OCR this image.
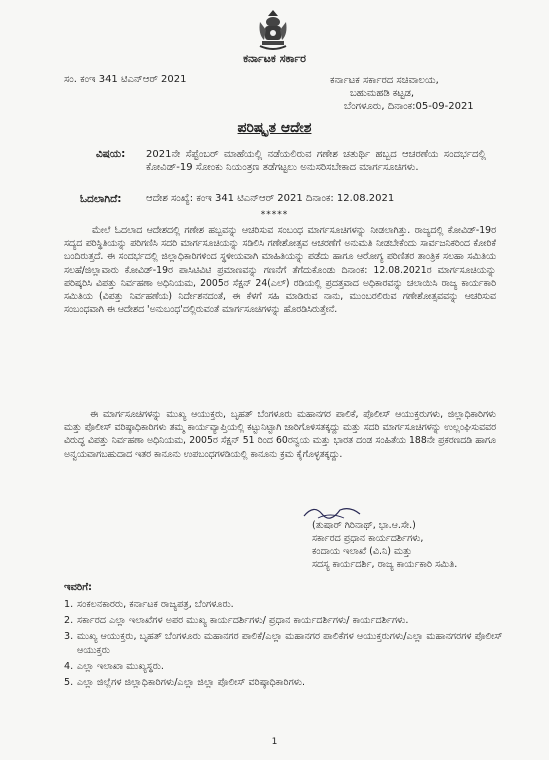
ಕರ್ನಾಟಕ ಸರ್ಕಾರ
ಸಂ. ಕಂಇ 341 ಟಿಎನ್‌ಆರ್ 2021	ಕರ್ನಾಟಕ ಸರ್ಕಾರದ ಸಚಿವಾಲಯ,
ಬಹುಮಹಡಿ ಕಟ್ಟಡ,
ಬೆಂಗಳೂರು, ದಿನಾಂಕ:05-09-2021
ಪರಿಷ್ಕೃತ ಆದೇಶ
ವಿಷಯ: 2021ನೇ ಸೆಪ್ಟೆಂಬರ್ ಮಾಹೆಯಲ್ಲಿ ನಡೆಯಲಿರುವ ಗಣೇಶ ಚತುರ್ಥಿ ಹಬ್ಬದ ಆಚರಣೆಯ ಸಂದರ್ಭದಲ್ಲಿ ಕೋವಿಡ್-19 ಸೋಂಕು ನಿಯಂತ್ರಣ ತಡೆಗಟ್ಟಲು ಅನುಸರಿಸಬೇಕಾದ ಮಾರ್ಗಸೂಚಿಗಳು.
ಓದಲಾಗಿದೆ: ಆದೇಶ ಸಂಖ್ಯೆ: ಕಂಇ 341 ಟಿಎನ್‌ಆರ್ 2021 ದಿನಾಂಕ: 12.08.2021
*****
ಮೇಲೆ ಓದಲಾದ ಆದೇಶದಲ್ಲಿ ಗಣೇಶ ಹಬ್ಬವನ್ನು ಆಚರಿಸುವ ಸಂಬಂಧ ಮಾರ್ಗಸೂಚಿಗಳನ್ನು ನೀಡಲಾಗಿತ್ತು. ರಾಜ್ಯದಲ್ಲಿ ಕೋವಿಡ್-19ರ ಸದ್ಯದ ಪರಿಸ್ಥಿತಿಯನ್ನು ಪರಿಗಣಿಸಿ ಸದರಿ ಮಾರ್ಗಸೂಚಿಯನ್ನು ಸಡಿಲಿಸಿ ಗಣೇಶೋತ್ಸವ ಆಚರಣೆಗೆ ಅನುಮತಿ ನೀಡಬೇಕೆಂದು ಸಾರ್ವಜನಿಕರಿಂದ ಕೋರಿಕೆ ಬಂದಿರುತ್ತದೆ. ಈ ಸಂದರ್ಭದಲ್ಲಿ ಜಿಲ್ಲಾಧಿಕಾರಿಗಳಿಂದ ಸ್ಥಳೀಯವಾಗಿ ಮಾಹಿತಿಯನ್ನು ಪಡೆದು ಹಾಗೂ ಆರೋಗ್ಯ ಪರಿಣಿತರ ತಾಂತ್ರಿಕ ಸಲಹಾ ಸಮಿತಿಯ ಸಲಹೆ/ಜಿಲ್ಲಾವಾರು ಕೋವಿಡ್-19ರ ಪಾಸಿಟಿವಿಟಿ ಪ್ರಮಾಣವನ್ನು ಗಣನೆಗೆ ತೆಗೆದುಕೊಂಡು ದಿನಾಂಕ: 12.08.2021ರ ಮಾರ್ಗಸೂಚಿಯನ್ನು ಪರಿಷ್ಕರಿಸಿ ವಿಪತ್ತು ನಿರ್ವಹಣಾ ಅಧಿನಿಯಮ, 2005ರ ಸೆಕ್ಷನ್ 24(ಎಲ್) ರಡಿಯಲ್ಲಿ ಪ್ರದತ್ತವಾದ ಅಧಿಕಾರವನ್ನು ಚಲಾಯಿಸಿ ರಾಜ್ಯ ಕಾರ್ಯಕಾರಿ ಸಮಿತಿಯ (ವಿಪತ್ತು ನಿರ್ವಹಣೆಯ) ನಿರ್ದೇಶನದಂತೆ, ಈ ಕೆಳಗೆ ಸಹಿ ಮಾಡಿರುವ ನಾನು, ಮುಂಬರಲಿರುವ ಗಣೇಶೋತ್ಸವವನ್ನು ಆಚರಿಸುವ ಸಂಬಂಧವಾಗಿ ಈ ಆದೇಶದ 'ಅನುಬಂಧ'ದಲ್ಲಿರುವಂತೆ ಮಾರ್ಗಸೂಚಿಗಳನ್ನು ಹೊರಡಿಸಿರುತ್ತೇನೆ.
ಈ ಮಾರ್ಗಸೂಚಿಗಳನ್ನು ಮುಖ್ಯ ಆಯುಕ್ತರು, ಬೃಹತ್ ಬೆಂಗಳೂರು ಮಹಾನಗರ ಪಾಲಿಕೆ, ಪೊಲೀಸ್ ಆಯುಕ್ತರುಗಳು, ಜಿಲ್ಲಾಧಿಕಾರಿಗಳು ಮತ್ತು ಪೊಲೀಸ್ ವರಿಷ್ಠಾಧಿಕಾರಿಗಳು ತಮ್ಮ ಕಾರ್ಯವ್ಯಾಪ್ತಿಯಲ್ಲಿ ಕಟ್ಟುನಿಟ್ಟಾಗಿ ಜಾರಿಗೊಳಿಸತಕ್ಕದ್ದು ಮತ್ತು ಸದರಿ ಮಾರ್ಗಸೂಚಿಗಳನ್ನು ಉಲ್ಲಂಘಿಸುವವರ ವಿರುದ್ಧ ವಿಪತ್ತು ನಿರ್ವಹಣಾ ಅಧಿನಿಯಮ, 2005ರ ಸೆಕ್ಷನ್ 51 ರಿಂದ 60ರನ್ವಯ ಮತ್ತು ಭಾರತ ದಂಡ ಸಂಹಿತೆಯ 188ನೇ ಪ್ರಕರಣದಡಿ ಹಾಗೂ ಅನ್ವಯವಾಗಬಹುದಾದ ಇತರ ಕಾನೂನು ಉಪಬಂಧಗಳಡಿಯಲ್ಲಿ ಕಾನೂನು ಕ್ರಮ ಕೈಗೊಳ್ಳತಕ್ಕದ್ದು.
(ತುಷಾರ್ ಗಿರಿನಾಥ್, ಭಾ.ಆ.ಸೇ.)
ಸರ್ಕಾರದ ಪ್ರಧಾನ ಕಾರ್ಯದರ್ಶಿಗಳು,
ಕಂದಾಯ ಇಲಾಖೆ (ವಿ.ನಿ) ಮತ್ತು
ಸದಸ್ಯ ಕಾರ್ಯದರ್ಶಿ, ರಾಜ್ಯ ಕಾರ್ಯಕಾರಿ ಸಮಿತಿ.
ಇವರಿಗೆ:
1. ಸಂಕಲನಕಾರರು, ಕರ್ನಾಟಕ ರಾಜ್ಯಪತ್ರ, ಬೆಂಗಳೂರು.
2. ಸರ್ಕಾರದ ಎಲ್ಲಾ ಇಲಾಖೆಗಳ ಅಪರ ಮುಖ್ಯ ಕಾರ್ಯದರ್ಶಿಗಳು/ ಪ್ರಧಾನ ಕಾರ್ಯದರ್ಶಿಗಳು/ ಕಾರ್ಯದರ್ಶಿಗಳು.
3. ಮುಖ್ಯ ಆಯುಕ್ತರು, ಬೃಹತ್ ಬೆಂಗಳೂರು ಮಹಾನಗರ ಪಾಲಿಕೆ/ಎಲ್ಲಾ ಮಹಾನಗರ ಪಾಲಿಕೆಗಳ ಆಯುಕ್ತರುಗಳು/ಎಲ್ಲಾ ಮಹಾನಗರಗಳ ಪೊಲೀಸ್ ಆಯುಕ್ತರು
4. ಎಲ್ಲಾ ಇಲಾಖಾ ಮುಖ್ಯಸ್ಥರು.
5. ಎಲ್ಲಾ ಜಿಲ್ಲೆಗಳ ಜಿಲ್ಲಾಧಿಕಾರಿಗಳು/ಎಲ್ಲಾ ಜಿಲ್ಲಾ ಪೊಲೀಸ್ ವರಿಷ್ಠಾಧಿಕಾರಿಗಳು.
1
